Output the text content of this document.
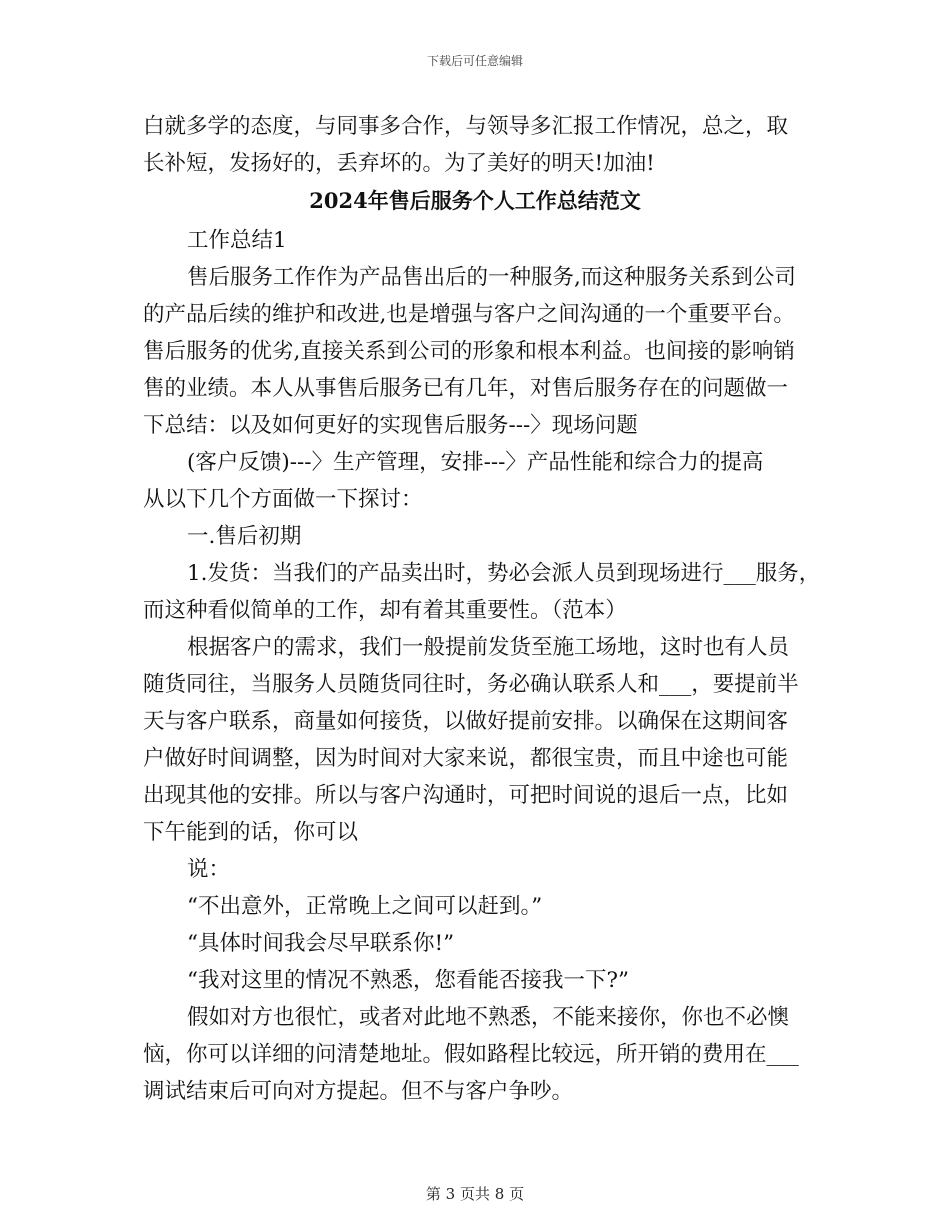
下载后可任意编辑
白就多学的态度，与同事多合作，与领导多汇报工作情况，总之，取
长补短，发扬好的，丢弃坏的。为了美好的明天!加油!
2024年售后服务个人工作总结范文
工作总结1
售后服务工作作为产品售出后的一种服务,而这种服务关系到公司
的产品后续的维护和改进,也是增强与客户之间沟通的一个重要平台。
售后服务的优劣,直接关系到公司的形象和根本利益。也间接的影响销
售的业绩。本人从事售后服务已有几年，对售后服务存在的问题做一
下总结：以及如何更好的实现售后服务---〉现场问题
(客户反馈)---〉生产管理，安排---〉产品性能和综合力的提高
从以下几个方面做一下探讨：
一.售后初期
1.发货：当我们的产品卖出时，势必会派人员到现场进行___服务，
而这种看似简单的工作，却有着其重要性。（范本）
根据客户的需求，我们一般提前发货至施工场地，这时也有人员
随货同往，当服务人员随货同往时，务必确认联系人和___，要提前半
天与客户联系，商量如何接货，以做好提前安排。以确保在这期间客
户做好时间调整，因为时间对大家来说，都很宝贵，而且中途也可能
出现其他的安排。所以与客户沟通时，可把时间说的退后一点，比如
下午能到的话，你可以
说：
“不出意外，正常晚上之间可以赶到。”
“具体时间我会尽早联系你!”
“我对这里的情况不熟悉，您看能否接我一下?”
假如对方也很忙，或者对此地不熟悉，不能来接你，你也不必懊
恼，你可以详细的问清楚地址。假如路程比较远，所开销的费用在___
调试结束后可向对方提起。但不与客户争吵。
第 3 页共 8 页
